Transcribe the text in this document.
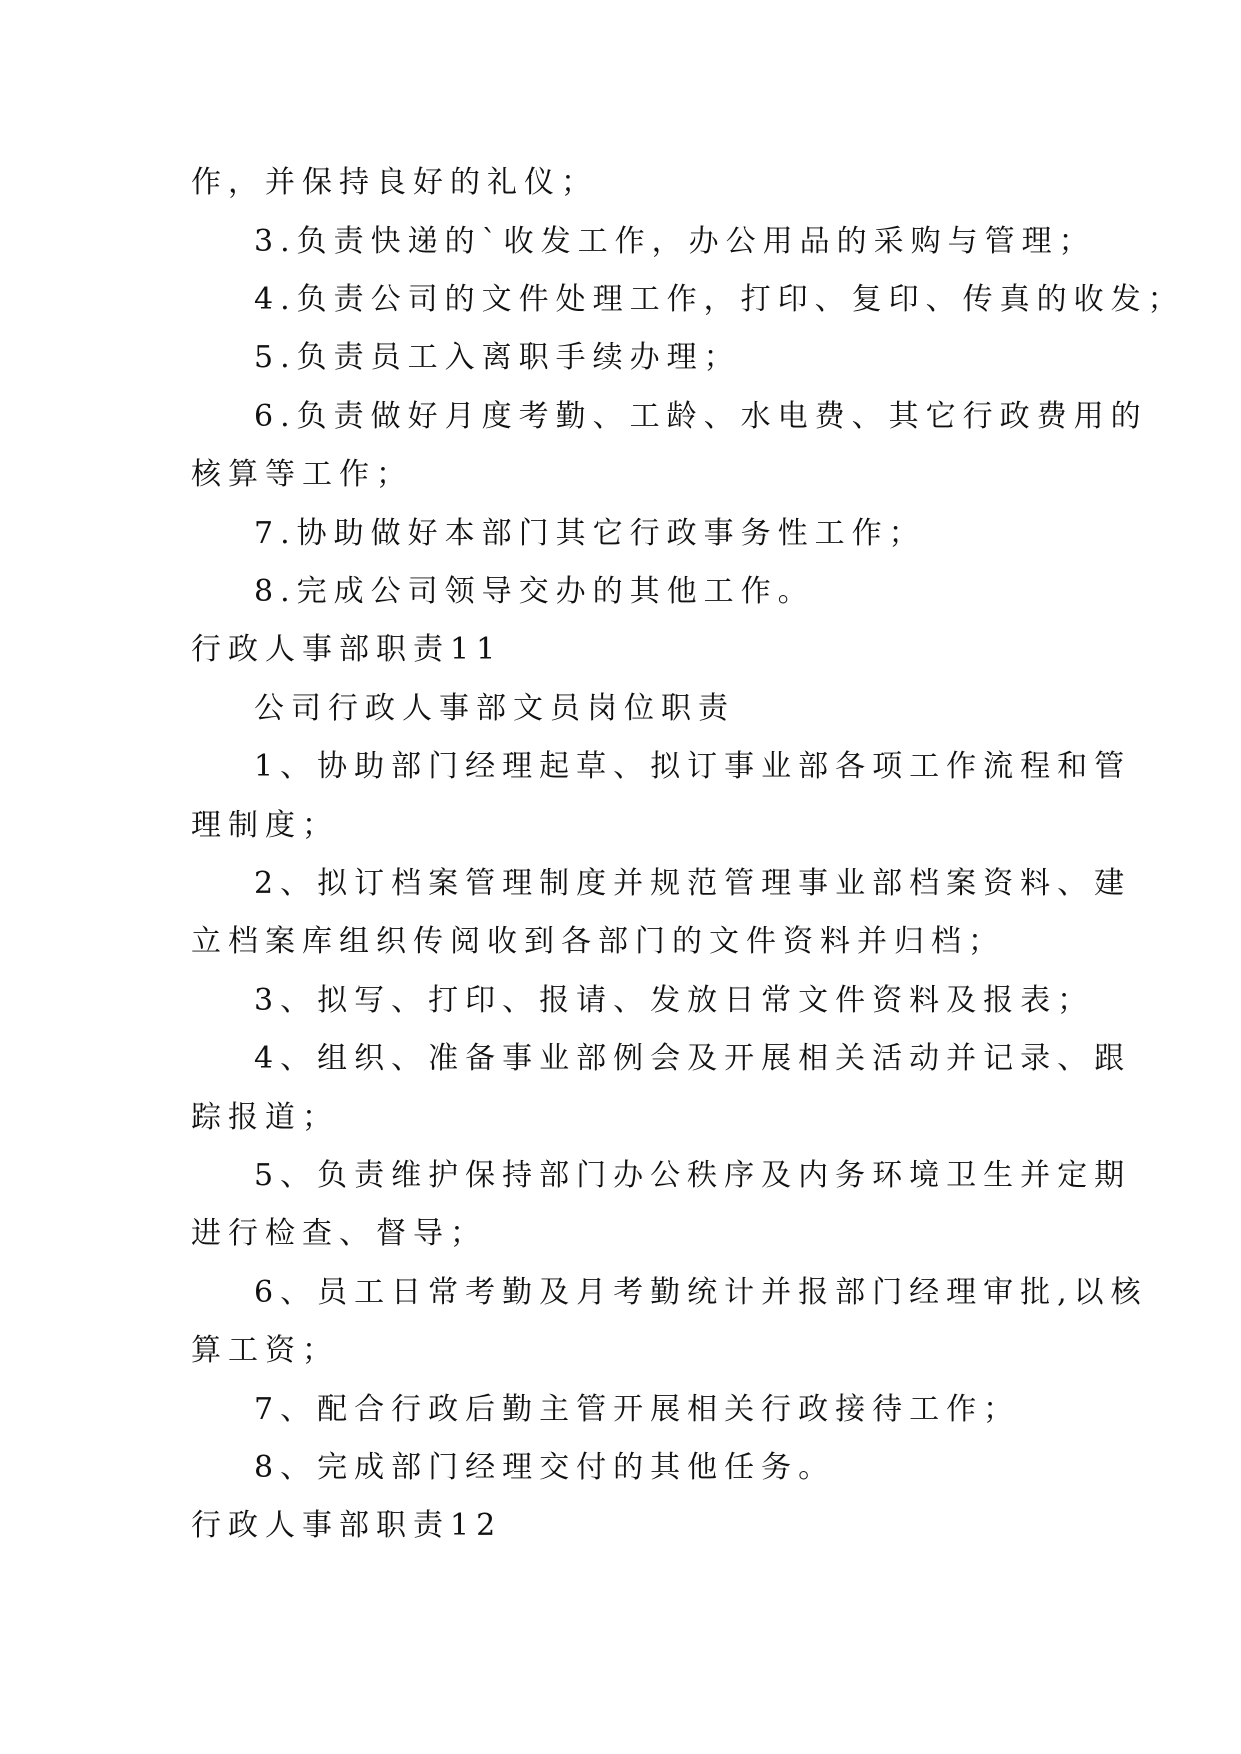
作，并保持良好的礼仪；
3.负责快递的`收发工作，办公用品的采购与管理；
4.负责公司的文件处理工作，打印、复印、传真的收发；
5.负责员工入离职手续办理；
6.负责做好月度考勤、工龄、水电费、其它行政费用的
核算等工作；
7.协助做好本部门其它行政事务性工作；
8.完成公司领导交办的其他工作。
行政人事部职责11
公司行政人事部文员岗位职责
1、协助部门经理起草、拟订事业部各项工作流程和管
理制度；
2、拟订档案管理制度并规范管理事业部档案资料、建
立档案库组织传阅收到各部门的文件资料并归档；
3、拟写、打印、报请、发放日常文件资料及报表；
4、组织、准备事业部例会及开展相关活动并记录、跟
踪报道；
5、负责维护保持部门办公秩序及内务环境卫生并定期
进行检查、督导；
6、员工日常考勤及月考勤统计并报部门经理审批,以核
算工资；
7、配合行政后勤主管开展相关行政接待工作；
8、完成部门经理交付的其他任务。
行政人事部职责12
